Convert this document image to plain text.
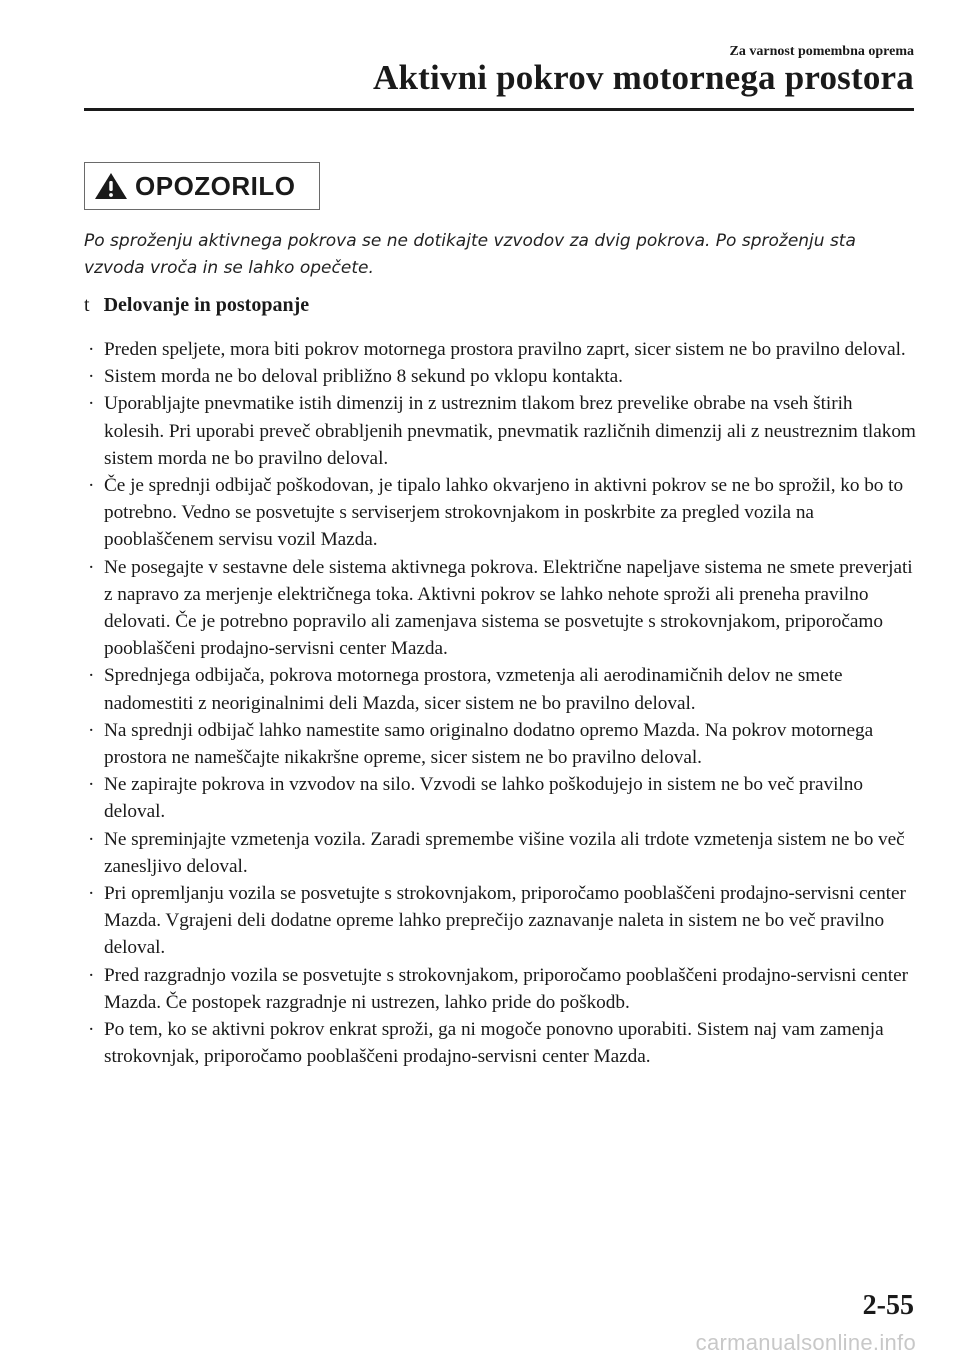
Za varnost pomembna oprema
Aktivni pokrov motornega prostora
OPOZORILO
Po sproženju aktivnega pokrova se ne dotikajte vzvodov za dvig pokrova. Po sproženju sta vzvoda vroča in se lahko opečete.
t Delovanje in postopanje
· Preden speljete, mora biti pokrov motornega prostora pravilno zaprt, sicer sistem ne bo pravilno deloval.
· Sistem morda ne bo deloval približno 8 sekund po vklopu kontakta.
· Uporabljajte pnevmatike istih dimenzij in z ustreznim tlakom brez prevelike obrabe na vseh štirih kolesih. Pri uporabi preveč obrabljenih pnevmatik, pnevmatik različnih dimenzij ali z neustreznim tlakom sistem morda ne bo pravilno deloval.
· Če je sprednji odbijač poškodovan, je tipalo lahko okvarjeno in aktivni pokrov se ne bo sprožil, ko bo to potrebno. Vedno se posvetujte s serviserjem strokovnjakom in poskrbite za pregled vozila na pooblaščenem servisu vozil Mazda.
· Ne posegajte v sestavne dele sistema aktivnega pokrova. Električne napeljave sistema ne smete preverjati z napravo za merjenje električnega toka. Aktivni pokrov se lahko nehote sproži ali preneha pravilno delovati. Če je potrebno popravilo ali zamenjava sistema se posvetujte s strokovnjakom, priporočamo pooblaščeni prodajno-servisni center Mazda.
· Sprednjega odbijača, pokrova motornega prostora, vzmetenja ali aerodinamičnih delov ne smete nadomestiti z neoriginalnimi deli Mazda, sicer sistem ne bo pravilno deloval.
· Na sprednji odbijač lahko namestite samo originalno dodatno opremo Mazda. Na pokrov motornega prostora ne nameščajte nikakršne opreme, sicer sistem ne bo pravilno deloval.
· Ne zapirajte pokrova in vzvodov na silo. Vzvodi se lahko poškodujejo in sistem ne bo več pravilno deloval.
· Ne spreminjajte vzmetenja vozila. Zaradi spremembe višine vozila ali trdote vzmetenja sistem ne bo več zanesljivo deloval.
· Pri opremljanju vozila se posvetujte s strokovnjakom, priporočamo pooblaščeni prodajno-servisni center Mazda. Vgrajeni deli dodatne opreme lahko preprečijo zaznavanje naleta in sistem ne bo več pravilno deloval.
· Pred razgradnjo vozila se posvetujte s strokovnjakom, priporočamo pooblaščeni prodajno-servisni center Mazda. Če postopek razgradnje ni ustrezen, lahko pride do poškodb.
· Po tem, ko se aktivni pokrov enkrat sproži, ga ni mogoče ponovno uporabiti. Sistem naj vam zamenja strokovnjak, priporočamo pooblaščeni prodajno-servisni center Mazda.
2-55
carmanualsonline.info
